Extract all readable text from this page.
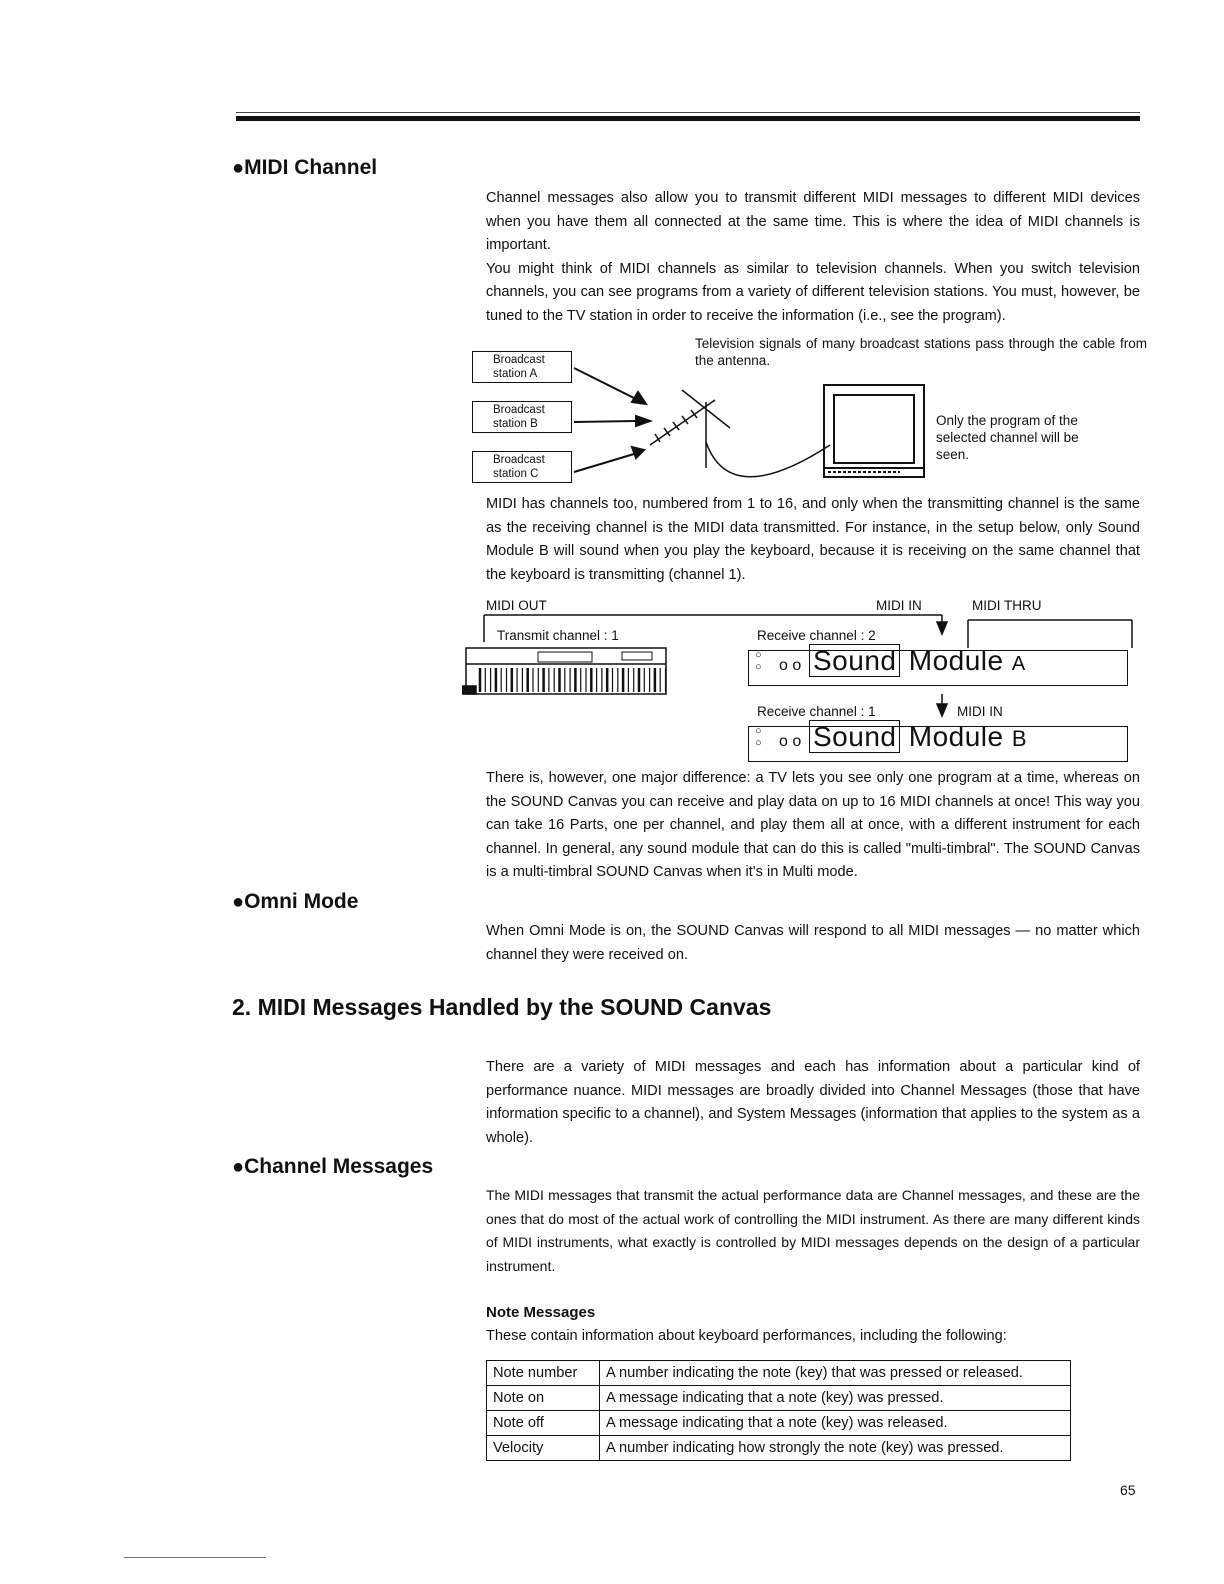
●MIDI Channel

Channel messages also allow you to transmit different MIDI messages to different MIDI devices when you have them all connected at the same time. This is where the idea of MIDI channels is important.

You might think of MIDI channels as similar to television channels. When you switch television channels, you can see programs from a variety of different television stations. You must, however, be tuned to the TV station in order to receive the information (i.e., see the program).

Television signals of many broadcast stations pass through the cable from the antenna.
Only the program of the selected channel will be seen.
Broadcast
station A
Broadcast
station B
Broadcast
station C

MIDI has channels too, numbered from 1 to 16, and only when the transmitting channel is the same as the receiving channel is the MIDI data transmitted. For instance, in the setup below, only Sound Module B will sound when you play the keyboard, because it is receiving on the same channel that the keyboard is transmitting (channel 1).

MIDI OUT	MIDI IN	MIDI THRU
Transmit channel : 1	Receive channel : 2
Receive channel : 1	MIDI IN
○
○ o o Sound Module A
○
○ o o Sound Module B

There is, however, one major difference: a TV lets you see only one program at a time, whereas on the SOUND Canvas you can receive and play data on up to 16 MIDI channels at once! This way you can take 16 Parts, one per channel, and play them all at once, with a different instrument for each channel. In general, any sound module that can do this is called "multi-timbral". The SOUND Canvas is a multi-timbral SOUND Canvas when it's in Multi mode.

●Omni Mode

When Omni Mode is on, the SOUND Canvas will respond to all MIDI messages — no matter which channel they were received on.

2. MIDI Messages Handled by the SOUND Canvas

There are a variety of MIDI messages and each has information about a particular kind of performance nuance. MIDI messages are broadly divided into Channel Messages (those that have information specific to a channel), and System Messages (information that applies to the system as a whole).

●Channel Messages

The MIDI messages that transmit the actual performance data are Channel messages, and these are the ones that do most of the actual work of controlling the MIDI instrument. As there are many different kinds of MIDI instruments, what exactly is controlled by MIDI messages depends on the design of a particular instrument.

Note Messages
These contain information about keyboard performances, including the following:
Note number	A number indicating the note (key) that was pressed or released.
Note on	A message indicating that a note (key) was pressed.
Note off	A message indicating that a note (key) was released.
Velocity	A number indicating how strongly the note (key) was pressed.
65
